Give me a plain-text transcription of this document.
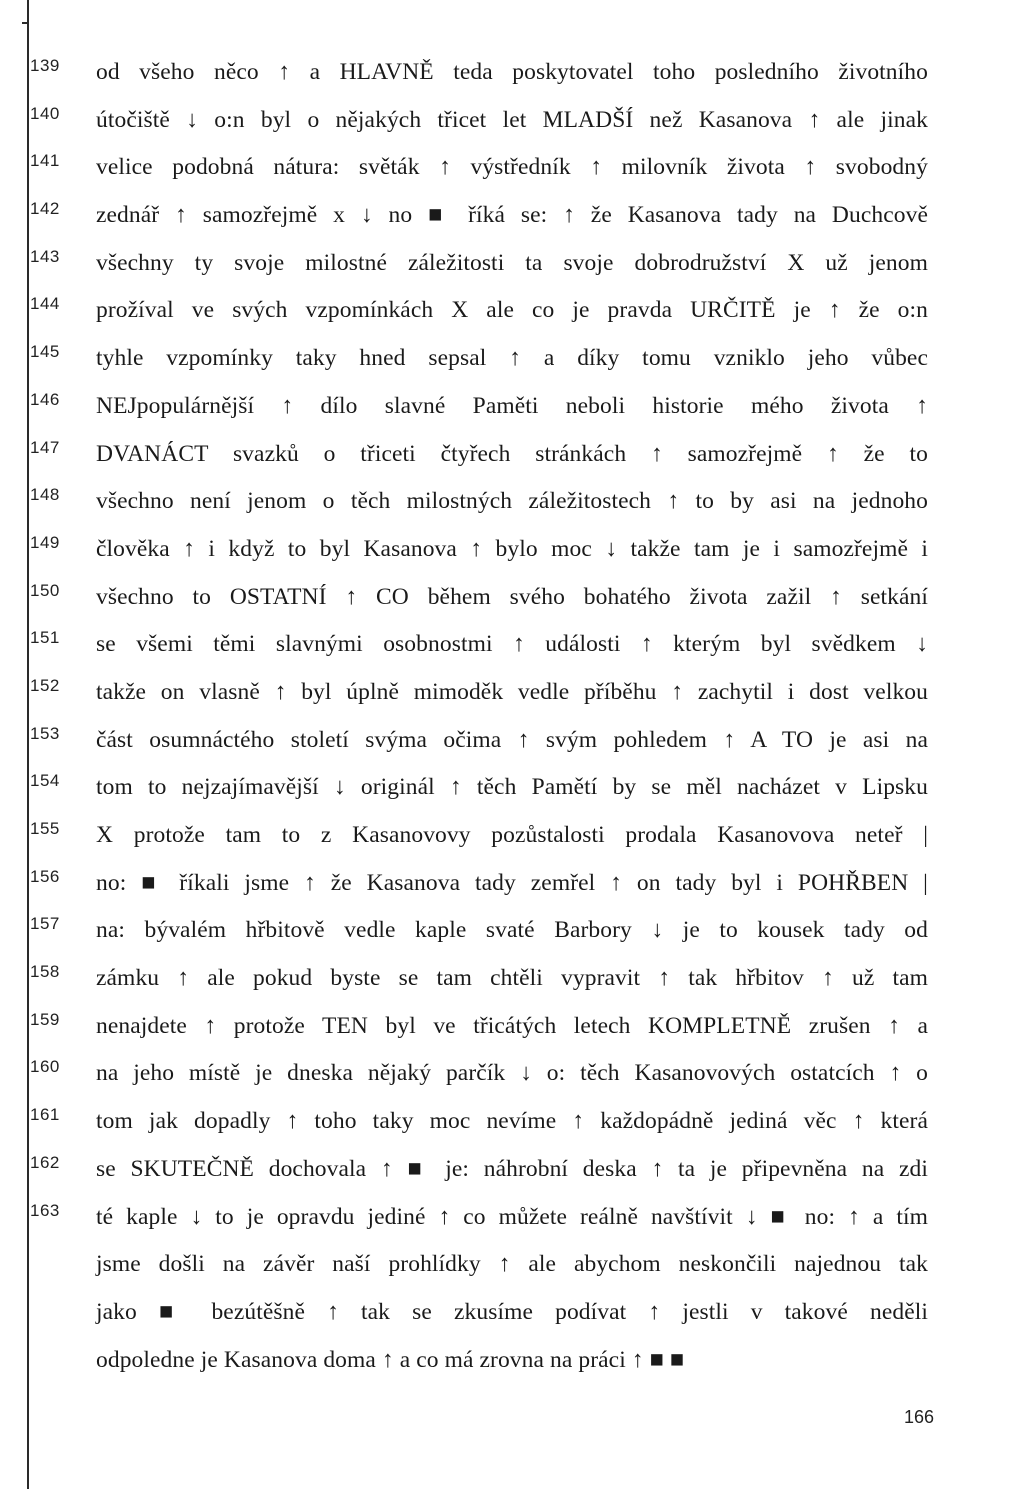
139 od všeho něco ↑ a HLAVNĚ teda poskytovatel toho posledního životního
140 útočiště ↓ o:n byl o nějakých třicet let MLADŠÍ než Kasanova ↑ ale jinak
141 velice podobná nátura: světák ↑ výstředník ↑ milovník života ↑ svobodný
142 zednář ↑ samozřejmě x ↓ no ■ říká se: ↑ že Kasanova tady na Duchcově
143 všechny ty svoje milostné záležitosti ta svoje dobrodružství X už jenom
144 prožíval ve svých vzpomínkách X ale co je pravda URČITĚ je ↑ že o:n
145 tyhle vzpomínky taky hned sepsal ↑ a díky tomu vzniklo jeho vůbec
146 NEJpopulárnější ↑ dílo slavné Paměti neboli historie mého života ↑
147 DVANÁCT svazků o třiceti čtyřech stránkách ↑ samozřejmě ↑ že to
148 všechno není jenom o těch milostných záležitostech ↑ to by asi na jednoho
149 člověka ↑ i když to byl Kasanova ↑ bylo moc ↓ takže tam je i samozřejmě i
150 všechno to OSTATNÍ ↑ CO během svého bohatého života zažil ↑ setkání
151 se všemi těmi slavnými osobnostmi ↑ události ↑ kterým byl svědkem ↓
152 takže on vlasně ↑ byl úplně mimoděk vedle příběhu ↑ zachytil i dost velkou
153 část osumnáctého století svýma očima ↑ svým pohledem ↑ A TO je asi na
154 tom to nejzajímavější ↓ originál ↑ těch Pamětí by se měl nacházet v Lipsku
155 X protože tam to z Kasanovovy pozůstalosti prodala Kasanovova neteř |
156 no: ■ říkali jsme ↑ že Kasanova tady zemřel ↑ on tady byl i POHŘBEN |
157 na: bývalém hřbitově vedle kaple svaté Barbory ↓ je to kousek tady od
158 zámku ↑ ale pokud byste se tam chtěli vypravit ↑ tak hřbitov ↑ už tam
159 nenajdete ↑ protože TEN byl ve třicátých letech KOMPLETNĚ zrušen ↑ a
160 na jeho místě je dneska nějaký parčík ↓ o: těch Kasanovových ostatcích ↑ o
161 tom jak dopadly ↑ toho taky moc nevíme ↑ každopádně jediná věc ↑ která
162 se SKUTEČNĚ dochovala ↑ ■ je: náhrobní deska ↑ ta je připevněna na zdi
163 té kaple ↓ to je opravdu jediné ↑ co můžete reálně navštívit ↓ ■ no: ↑ a tím
jsme došli na závěr naší prohlídky ↑ ale abychom neskončili najednou tak
jako ■ bezútěšně ↑ tak se zkusíme podívat ↑ jestli v takové neděli
odpoledne je Kasanova doma ↑ a co má zrovna na práci ↑ ■ ■
166
